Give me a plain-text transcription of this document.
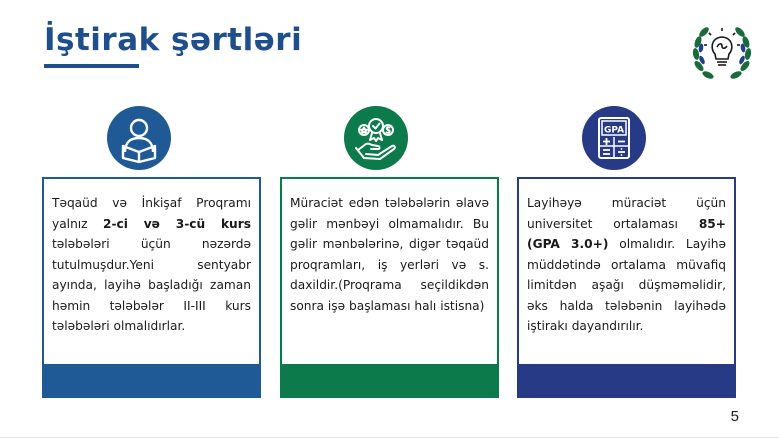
İştirak şərtləri
GPA
Təqaüd və İnkişaf Proqramı yalnız 2-ci və 3-cü kurs tələbələri üçün nəzərdə tutulmuşdur.Yeni sentyabr ayında, layihə başladığı zaman həmin tələbələr II-III kurs tələbələri olmalıdırlar.
Müraciət edən tələbələrin əlavə gəlir mənbəyi olmamalıdır. Bu gəlir mənbələrinə, digər təqaüd proqramları, iş yerləri və s. daxildir.(Proqrama seçildikdən sonra işə başlaması halı istisna)
Layihəyə müraciət üçün universitet ortalaması 85+ (GPA 3.0+) olmalıdır. Layihə müddətində ortalama müvafiq limitdən aşağı düşməməlidir, əks halda tələbənin layihədə iştirakı dayandırılır.
5
